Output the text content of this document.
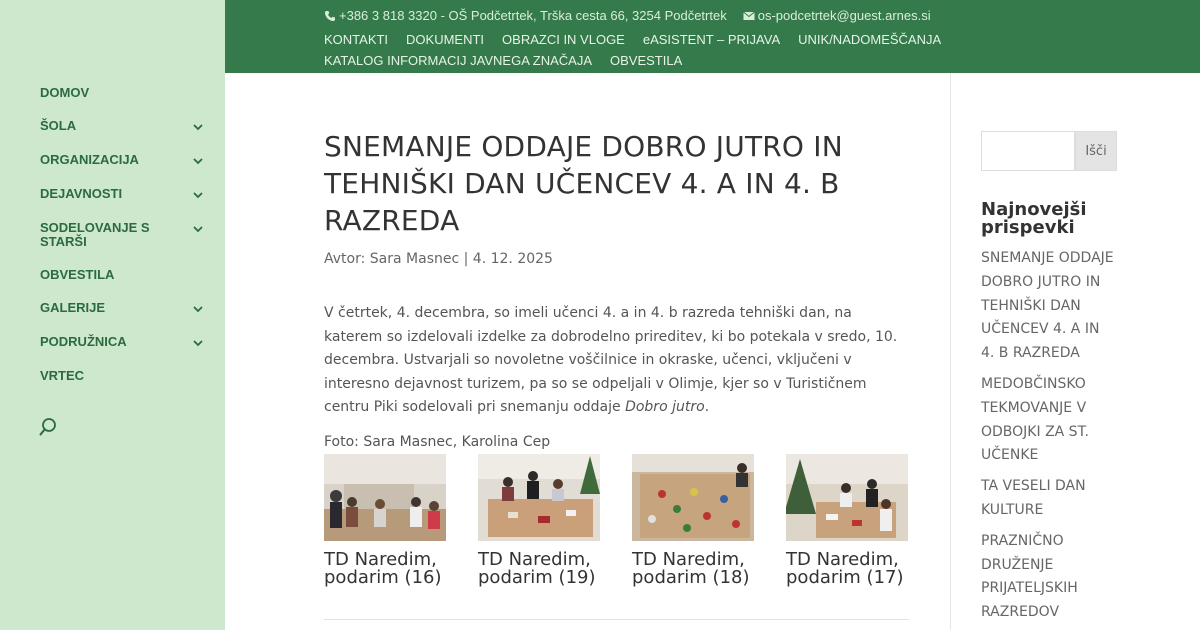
DOMOV
ŠOLA
ORGANIZACIJA
DEJAVNOSTI
SODELOVANJE S STARŠI
OBVESTILA
GALERIJE
PODRUŽNICA
VRTEC
+386 3 818 3320 - OŠ Podčetrtek, Trška cesta 66, 3254 Podčetrtek os-podcetrtek@guest.arnes.si
KONTAKTI DOKUMENTI OBRAZCI IN VLOGE eASISTENT – PRIJAVA UNIK/NADOMEŠČANJAKATALOG INFORMACIJ JAVNEGA ZNAČAJA OBVESTILA
SNEMANJE ODDAJE DOBRO JUTRO IN TEHNIŠKI DAN UČENCEV 4. A IN 4. B RAZREDA
Avtor: Sara Masnec | 4. 12. 2025

V četrtek, 4. decembra, so imeli učenci 4. a in 4. b razreda tehniški dan, na katerem so izdelovali izdelke za dobrodelno prireditev, ki bo potekala v sredo, 10. decembra. Ustvarjali so novoletne voščilnice in okraske, učenci, vključeni v interesno dejavnost turizem, pa so se odpeljali v Olimje, kjer so v Turističnem centru Piki sodelovali pri snemanju oddaje Dobro jutro.

Foto: Sara Masnec, Karolina Cep

TD Naredim, podarim (16)
TD Naredim, podarim (19)
TD Naredim, podarim (18)
TD Naredim, podarim (17)
Išči
Najnovejši prispevki
SNEMANJE ODDAJE DOBRO JUTRO IN TEHNIŠKI DAN UČENCEV 4. A IN 4. B RAZREDA
MEDOBČINSKO TEKMOVANJE V ODBOJKI ZA ST. UČENKE
TA VESELI DAN KULTURE
PRAZNIČNO DRUŽENJE PRIJATELJSKIH RAZREDOV
